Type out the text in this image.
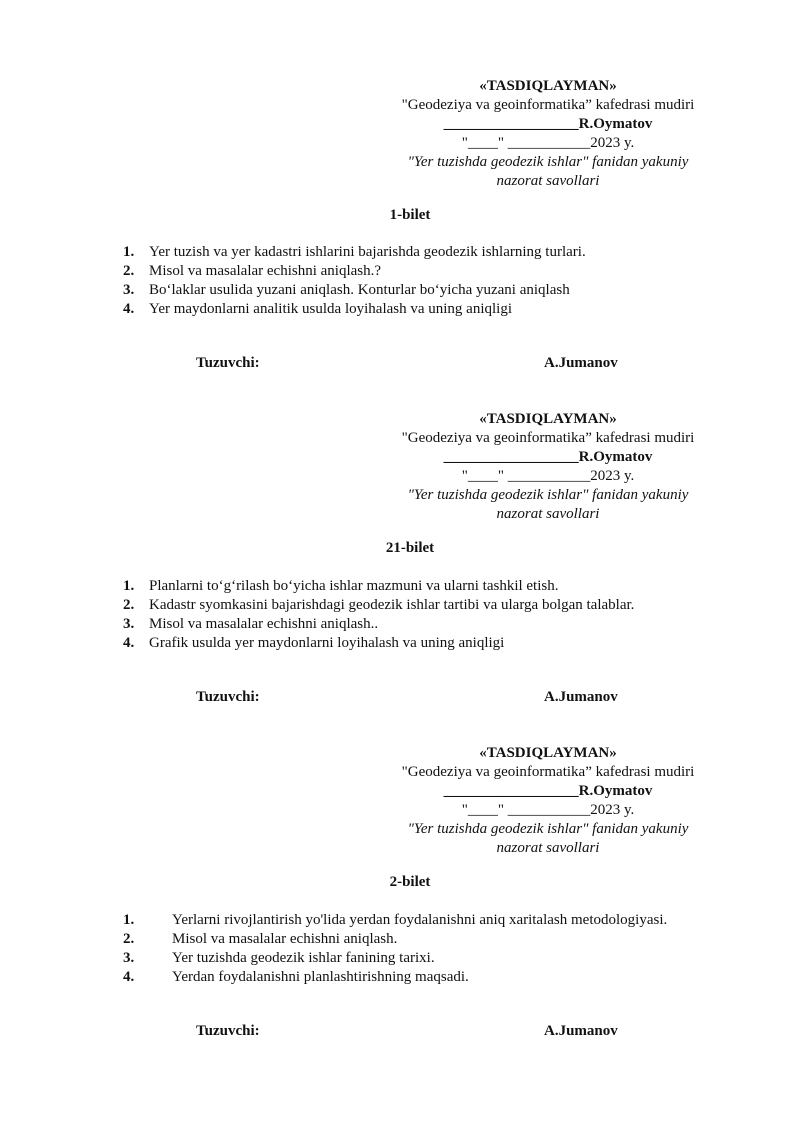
«TASDIQLAYMAN»
"Geodeziya va geoinformatika” kafedrasi mudiri
__________________R.Oymatov
"____" ___________2023 y.
"Yer tuzishda geodezik ishlar" fanidan yakuniy
nazorat savollari
1-bilet
1. Yer tuzish va yer kadastri ishlarini bajarishda geodezik ishlarning turlari.
2. Misol va masalalar echishni aniqlash.?
3. Bo‘laklar usulida yuzani aniqlash. Konturlar bo‘yicha yuzani aniqlash
4. Yer maydonlarni analitik usulda loyihalash va uning aniqligi
Tuzuvchi:	A.Jumanov
«TASDIQLAYMAN»
"Geodeziya va geoinformatika” kafedrasi mudiri
__________________R.Oymatov
"____" ___________2023 y.
"Yer tuzishda geodezik ishlar" fanidan yakuniy
nazorat savollari
21-bilet
1. Planlarni to‘g‘rilash bo‘yicha ishlar mazmuni va ularni tashkil etish.
2. Kadastr syomkasini bajarishdagi geodezik ishlar tartibi va ularga bolgan talablar.
3. Misol va masalalar echishni aniqlash..
4. Grafik usulda yer maydonlarni loyihalash va uning aniqligi
Tuzuvchi:	A.Jumanov
«TASDIQLAYMAN»
"Geodeziya va geoinformatika” kafedrasi mudiri
__________________R.Oymatov
"____" ___________2023 y.
"Yer tuzishda geodezik ishlar" fanidan yakuniy
nazorat savollari
2-bilet
1.	Yerlarni rivojlantirish yo'lida yerdan foydalanishni aniq xaritalash metodologiyasi.
2.	Misol va masalalar echishni aniqlash.
3.	Yer tuzishda geodezik ishlar fanining tarixi.
4.	Yerdan foydalanishni planlashtirishning maqsadi.
Tuzuvchi:	A.Jumanov
